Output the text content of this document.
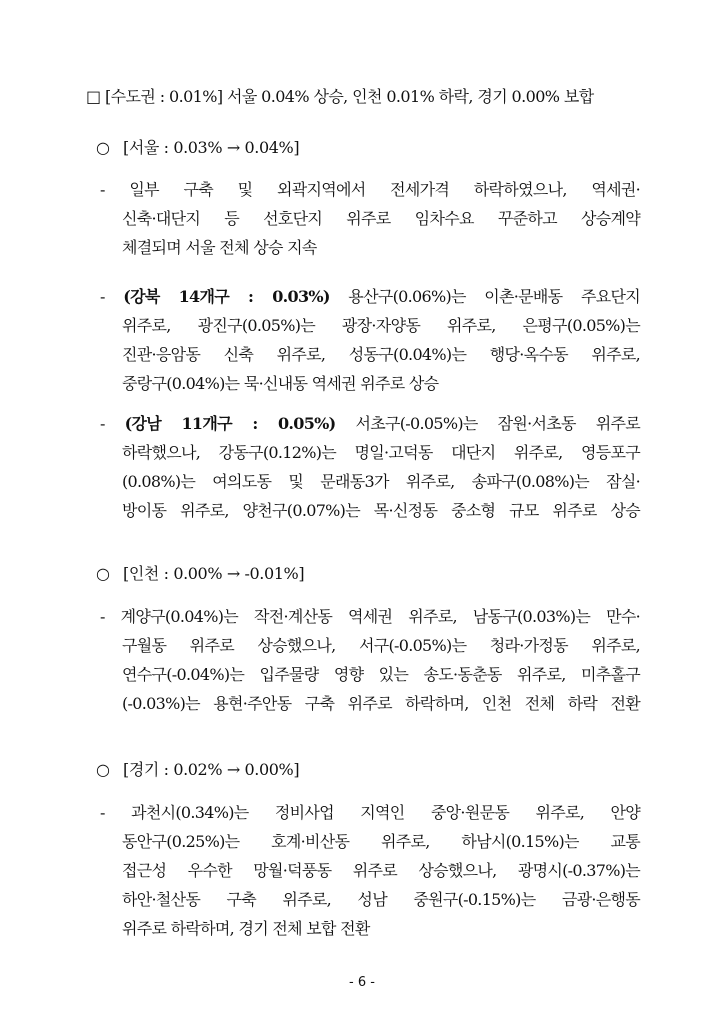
□ [수도권 : 0.01%] 서울 0.04% 상승, 인천 0.01% 하락, 경기 0.00% 보합
○ [서울 : 0.03% → 0.04%]
- 일부 구축 및 외곽지역에서 전세가격 하락하였으나, 역세권·
신축·대단지 등 선호단지 위주로 임차수요 꾸준하고 상승계약
체결되며 서울 전체 상승 지속
- (강북 14개구 : 0.03%) 용산구(0.06%)는 이촌·문배동 주요단지
위주로, 광진구(0.05%)는 광장·자양동 위주로, 은평구(0.05%)는
진관·응암동 신축 위주로, 성동구(0.04%)는 행당·옥수동 위주로,
중랑구(0.04%)는 묵·신내동 역세권 위주로 상승
- (강남 11개구 : 0.05%) 서초구(-0.05%)는 잠원·서초동 위주로
하락했으나, 강동구(0.12%)는 명일·고덕동 대단지 위주로, 영등포구
(0.08%)는 여의도동 및 문래동3가 위주로, 송파구(0.08%)는 잠실·
방이동 위주로, 양천구(0.07%)는 목·신정동 중소형 규모 위주로 상승
○ [인천 : 0.00% → -0.01%]
- 계양구(0.04%)는 작전·계산동 역세권 위주로, 남동구(0.03%)는 만수·
구월동 위주로 상승했으나, 서구(-0.05%)는 청라·가정동 위주로,
연수구(-0.04%)는 입주물량 영향 있는 송도·동춘동 위주로, 미추홀구
(-0.03%)는 용현·주안동 구축 위주로 하락하며, 인천 전체 하락 전환
○ [경기 : 0.02% → 0.00%]
- 과천시(0.34%)는 정비사업 지역인 중앙·원문동 위주로, 안양
동안구(0.25%)는 호계·비산동 위주로, 하남시(0.15%)는 교통
접근성 우수한 망월·덕풍동 위주로 상승했으나, 광명시(-0.37%)는
하안·철산동 구축 위주로, 성남 중원구(-0.15%)는 금광·은행동
위주로 하락하며, 경기 전체 보합 전환
- 6 -
